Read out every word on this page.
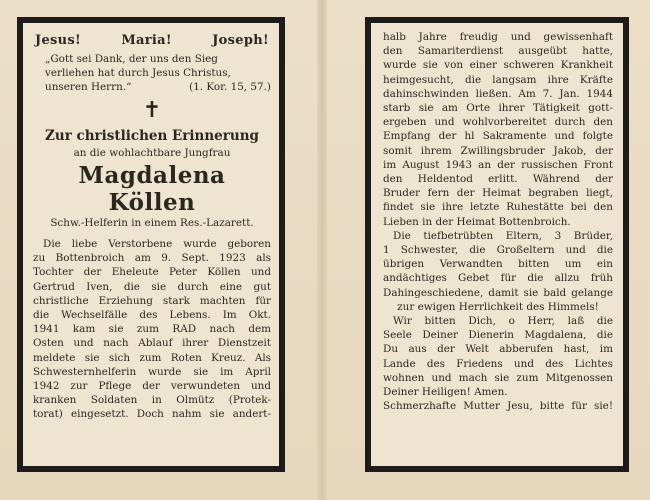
Jesus!	Maria!	Joseph!
„Gott sei Dank, der uns den Sieg
verliehen hat durch Jesus Christus,
unseren Herrn.“	(1. Kor. 15, 57.)
✝
Zur christlichen Erinnerung
an die wohlachtbare Jungfrau
Magdalena Köllen
Schw.-Helferin in einem Res.-Lazarett.
Die liebe Verstorbene wurde geboren
zu Bottenbroich am 9. Sept. 1923 als
Tochter der Eheleute Peter Köllen und
Gertrud Iven, die sie durch eine gut
christliche Erziehung stark machten für
die Wechselfälle des Lebens. Im Okt.
1941 kam sie zum RAD nach dem
Osten und nach Ablauf ihrer Dienstzeit
meldete sie sich zum Roten Kreuz. Als
Schwesternhelferin wurde sie im April
1942 zur Pflege der verwundeten und
kranken Soldaten in Olmütz (Protek-
torat) eingesetzt. Doch nahm sie andert-
halb Jahre freudig und gewissenhaft
den Samariterdienst ausgeübt hatte,
wurde sie von einer schweren Krankheit
heimgesucht, die langsam ihre Kräfte
dahinschwinden ließen. Am 7. Jan. 1944
starb sie am Orte ihrer Tätigkeit gott-
ergeben und wohlvorbereitet durch den
Empfang der hl Sakramente und folgte
somit ihrem Zwillingsbruder Jakob, der
im August 1943 an der russischen Front
den Heldentod erlitt. Während der
Bruder fern der Heimat begraben liegt,
findet sie ihre letzte Ruhestätte bei den
Lieben in der Heimat Bottenbroich.
Die tiefbetrübten Eltern, 3 Brüder,
1 Schwester, die Großeltern und die
übrigen Verwandten bitten um ein
andächtiges Gebet für die allzu früh
Dahingeschiedene, damit sie bald gelange
zur ewigen Herrlichkeit des Himmels!
Wir bitten Dich, o Herr, laß die
Seele Deiner Dienerin Magdalena, die
Du aus der Welt abberufen hast, im
Lande des Friedens und des Lichtes
wohnen und mach sie zum Mitgenossen
Deiner Heiligen! Amen.
Schmerzhafte Mutter Jesu, bitte für sie!
